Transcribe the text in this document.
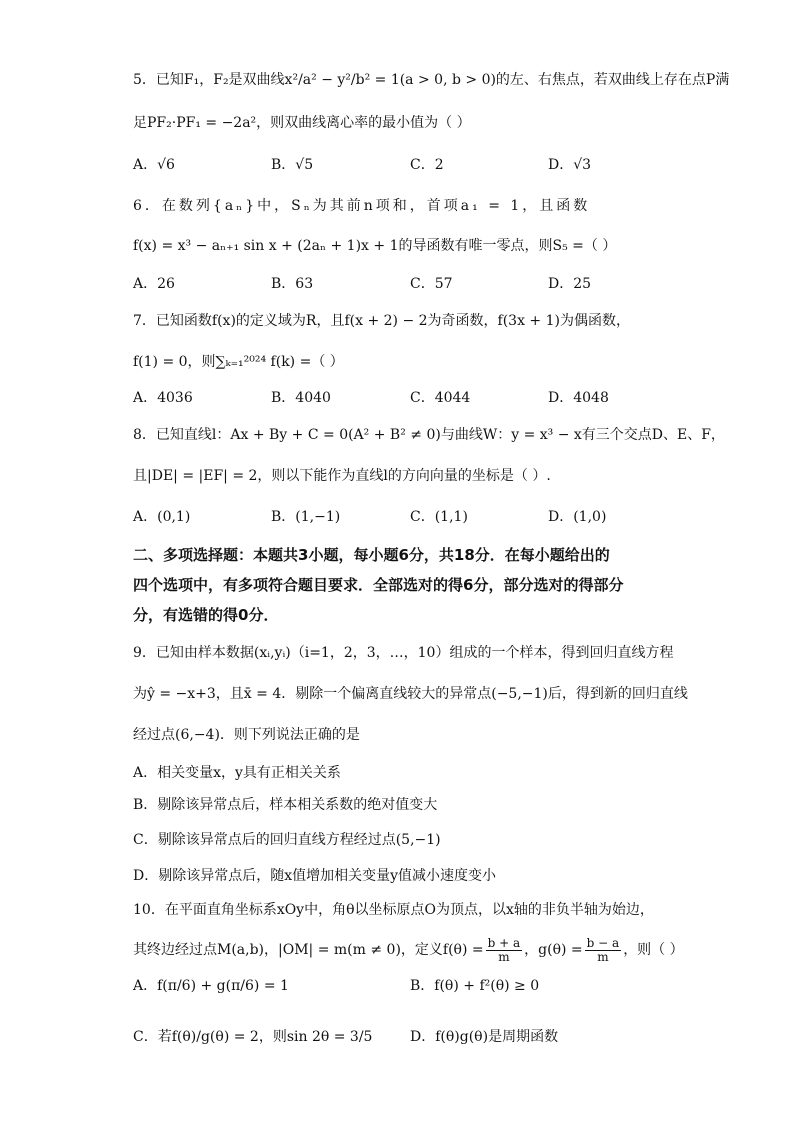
5．已知F₁，F₂是双曲线x²/a² − y²/b² = 1(a > 0, b > 0)的左、右焦点，若双曲线上存在点P满
足PF₂·PF₁ = −2a²，则双曲线离心率的最小值为（ ）
A．√6	B．√5	C．2	D．√3
6．在数列{aₙ}中，Sₙ为其前n项和，首项a₁ = 1，且函数
f(x) = x³ − aₙ₊₁ sin x + (2aₙ + 1)x + 1的导函数有唯一零点，则S₅ =（ ）
A．26	B．63	C．57	D．25
7．已知函数f(x)的定义域为R，且f(x + 2) − 2为奇函数，f(3x + 1)为偶函数，
f(1) = 0，则∑ₖ₌₁²⁰²⁴ f(k) =（ ）
A．4036	B．4040	C．4044	D．4048
8．已知直线l：Ax + By + C = 0(A² + B² ≠ 0)与曲线W：y = x³ − x有三个交点D、E、F，
且|DE| = |EF| = 2，则以下能作为直线l的方向向量的坐标是（ ）.
A．(0,1)	B．(1,−1)	C．(1,1)	D．(1,0)
二、多项选择题：本题共3小题，每小题6分，共18分．在每小题给出的
四个选项中，有多项符合题目要求．全部选对的得6分，部分选对的得部分
分，有选错的得0分．
9．已知由样本数据(xᵢ,yᵢ)（i=1，2，3，…，10）组成的一个样本，得到回归直线方程
为ŷ = −x+3，且x̄ = 4．剔除一个偏离直线较大的异常点(−5,−1)后，得到新的回归直线
经过点(6,−4)．则下列说法正确的是
A．相关变量x，y具有正相关关系
B．剔除该异常点后，样本相关系数的绝对值变大
C．剔除该异常点后的回归直线方程经过点(5,−1)
D．剔除该异常点后，随x值增加相关变量y值减小速度变小
10．在平面直角坐标系xOy中，角θ以坐标原点O为顶点，以x轴的非负半轴为始边，
其终边经过点M(a,b)，|OM| = m(m ≠ 0)，定义$f(\theta) = \frac{b + a}{m}$ ，$g(\theta) = \frac{b - a}{m}$ ，则（ ）
A．f(π/6) + g(π/6) = 1	B．f(θ) + f²(θ) ≥ 0
C．若f(θ)/g(θ) = 2，则sin 2θ = 3/5	D．f(θ)g(θ)是周期函数
